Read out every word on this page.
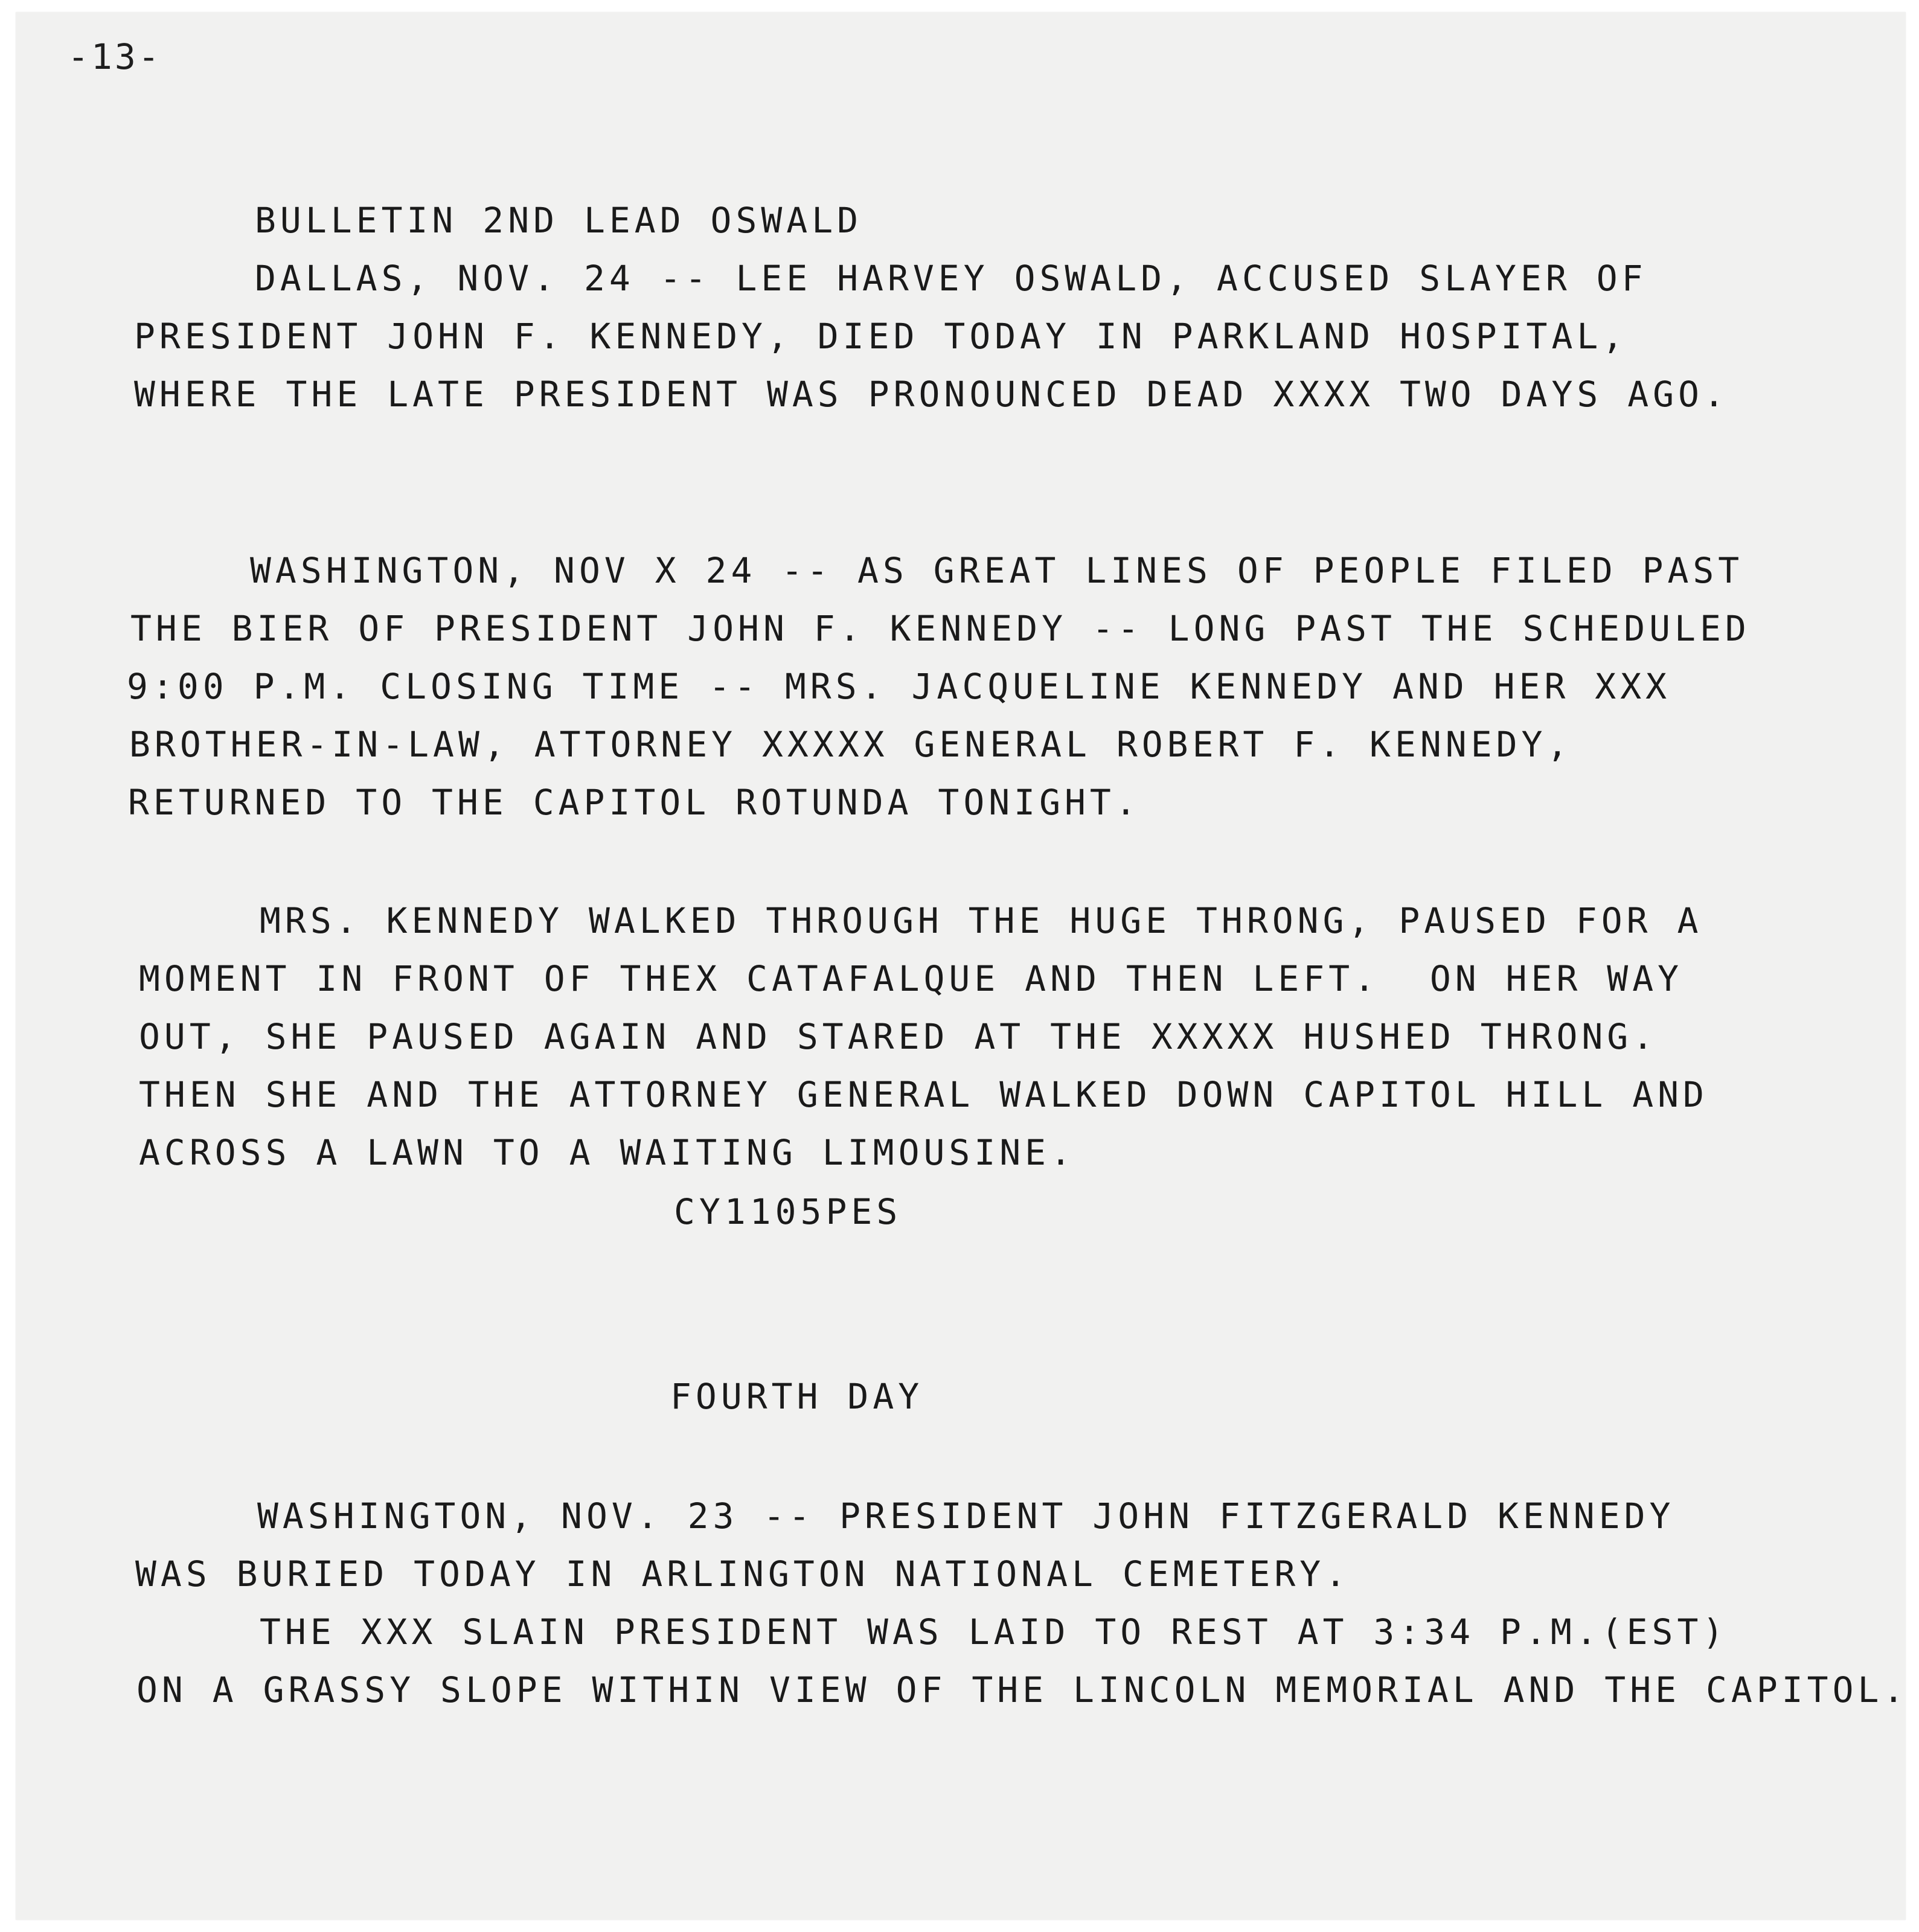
-13-
BULLETIN 2ND LEAD OSWALD
DALLAS, NOV. 24 -- LEE HARVEY OSWALD, ACCUSED SLAYER OF
PRESIDENT JOHN F. KENNEDY, DIED TODAY IN PARKLAND HOSPITAL,
WHERE THE LATE PRESIDENT WAS PRONOUNCED DEAD XXXX TWO DAYS AGO.
WASHINGTON, NOV X 24 -- AS GREAT LINES OF PEOPLE FILED PAST
THE BIER OF PRESIDENT JOHN F. KENNEDY -- LONG PAST THE SCHEDULED
9:00 P.M. CLOSING TIME -- MRS. JACQUELINE KENNEDY AND HER XXX
BROTHER-IN-LAW, ATTORNEY XXXXX GENERAL ROBERT F. KENNEDY,
RETURNED TO THE CAPITOL ROTUNDA TONIGHT.
MRS. KENNEDY WALKED THROUGH THE HUGE THRONG, PAUSED FOR A
MOMENT IN FRONT OF THEX CATAFALQUE AND THEN LEFT.  ON HER WAY
OUT, SHE PAUSED AGAIN AND STARED AT THE XXXXX HUSHED THRONG.
THEN SHE AND THE ATTORNEY GENERAL WALKED DOWN CAPITOL HILL AND
ACROSS A LAWN TO A WAITING LIMOUSINE.
CY1105PES
FOURTH DAY
WASHINGTON, NOV. 23 -- PRESIDENT JOHN FITZGERALD KENNEDY
WAS BURIED TODAY IN ARLINGTON NATIONAL CEMETERY.
THE XXX SLAIN PRESIDENT WAS LAID TO REST AT 3:34 P.M.(EST)
ON A GRASSY SLOPE WITHIN VIEW OF THE LINCOLN MEMORIAL AND THE CAPITOL.
